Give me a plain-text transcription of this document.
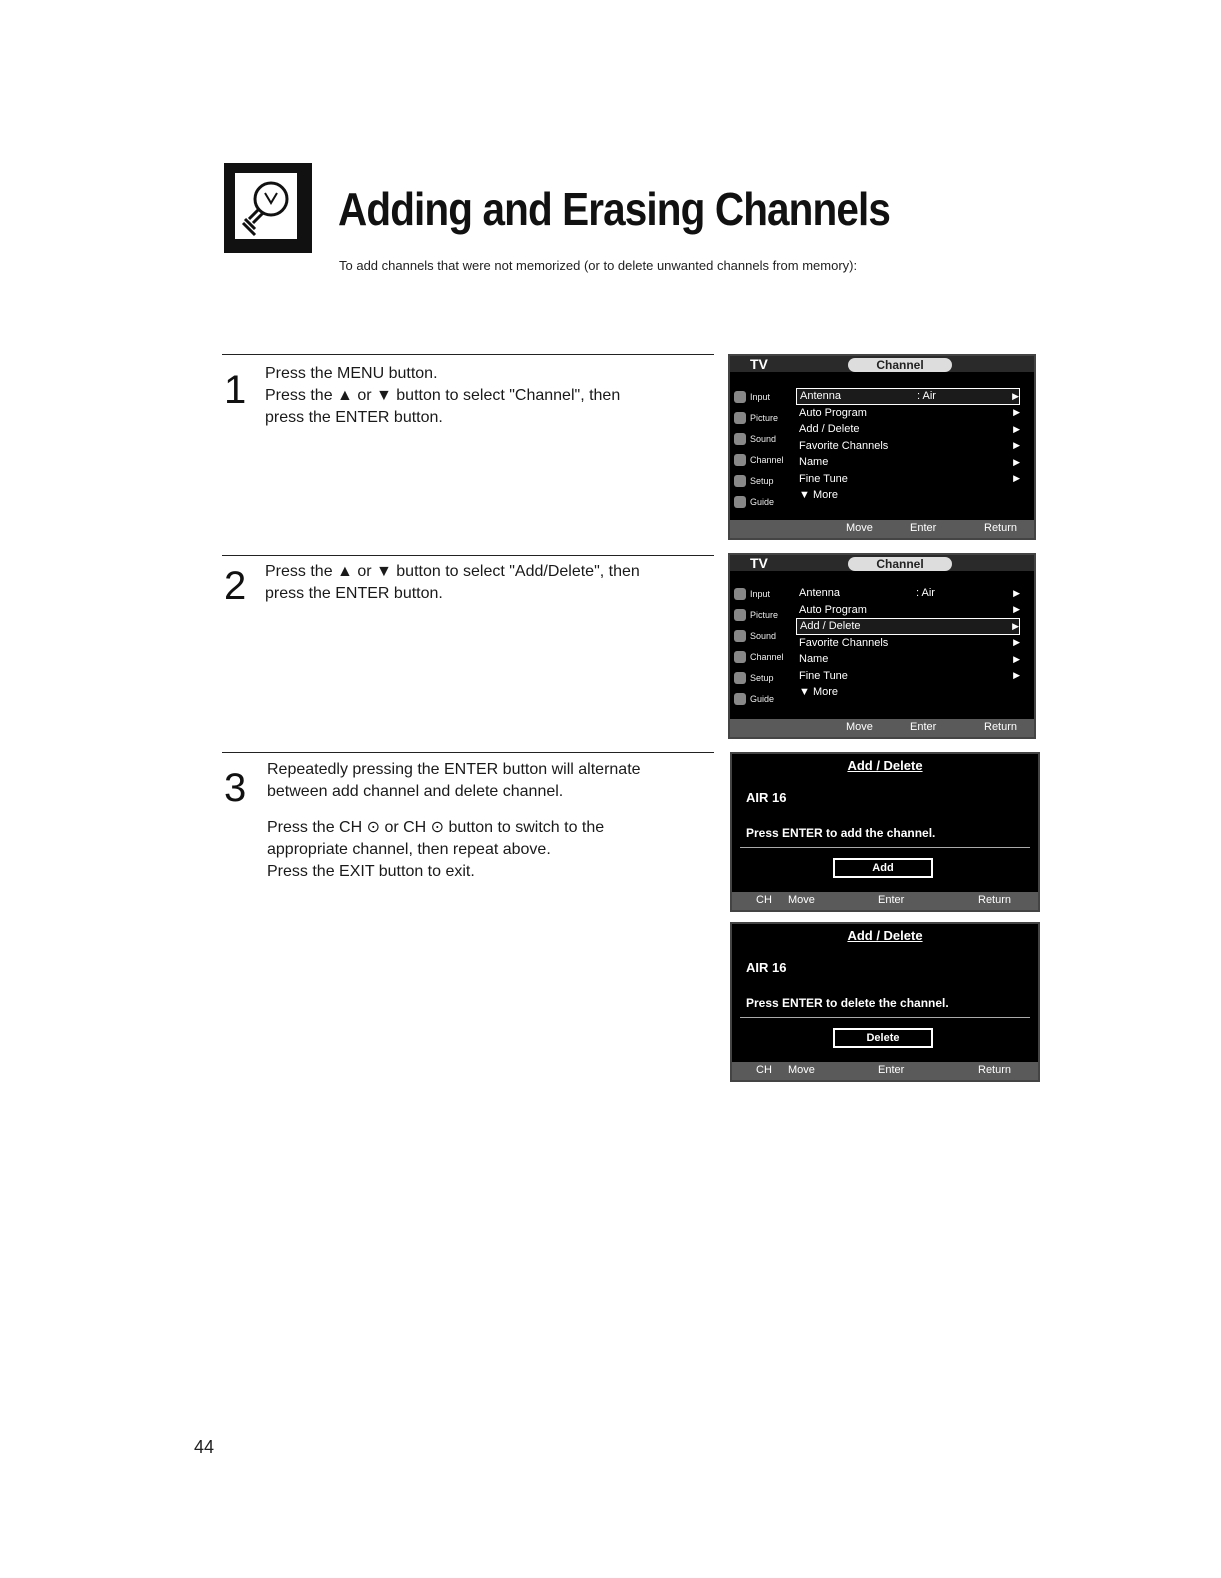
Adding and Erasing Channels
To add channels that were not memorized (or to delete unwanted channels from memory):
1 Press the MENU button.

Press the ▲ or ▼ button to select "Channel", then

press the ENTER button.

2 Press the ▲ or ▼ button to select "Add/Delete", then

press the ENTER button.

3 Repeatedly pressing the ENTER button will alternate

between add channel and delete channel.

Press the CH ⊙ or CH ⊙ button to switch to the

appropriate channel, then repeat above.

Press the EXIT button to exit.

TV	Channel
Input
Picture
Sound
Channel
Setup
Guide
Antenna	: Air	▶
Auto Program	▶
Add / Delete	▶
Favorite Channels	▶
Name	▶
Fine Tune	▶
▼ More
Move	Enter	Return
TV	Channel
Input
Picture
Sound
Channel
Setup
Guide
Antenna	: Air	▶
Auto Program	▶
Add / Delete	▶
Favorite Channels	▶
Name	▶
Fine Tune	▶
▼ More
Move	Enter	Return
Add / Delete
AIR 16
Press ENTER to add the channel.
Add
CH Move	Enter	Return
Add / Delete
AIR 16
Press ENTER to delete the channel.
Delete
CH Move	Enter	Return
44
